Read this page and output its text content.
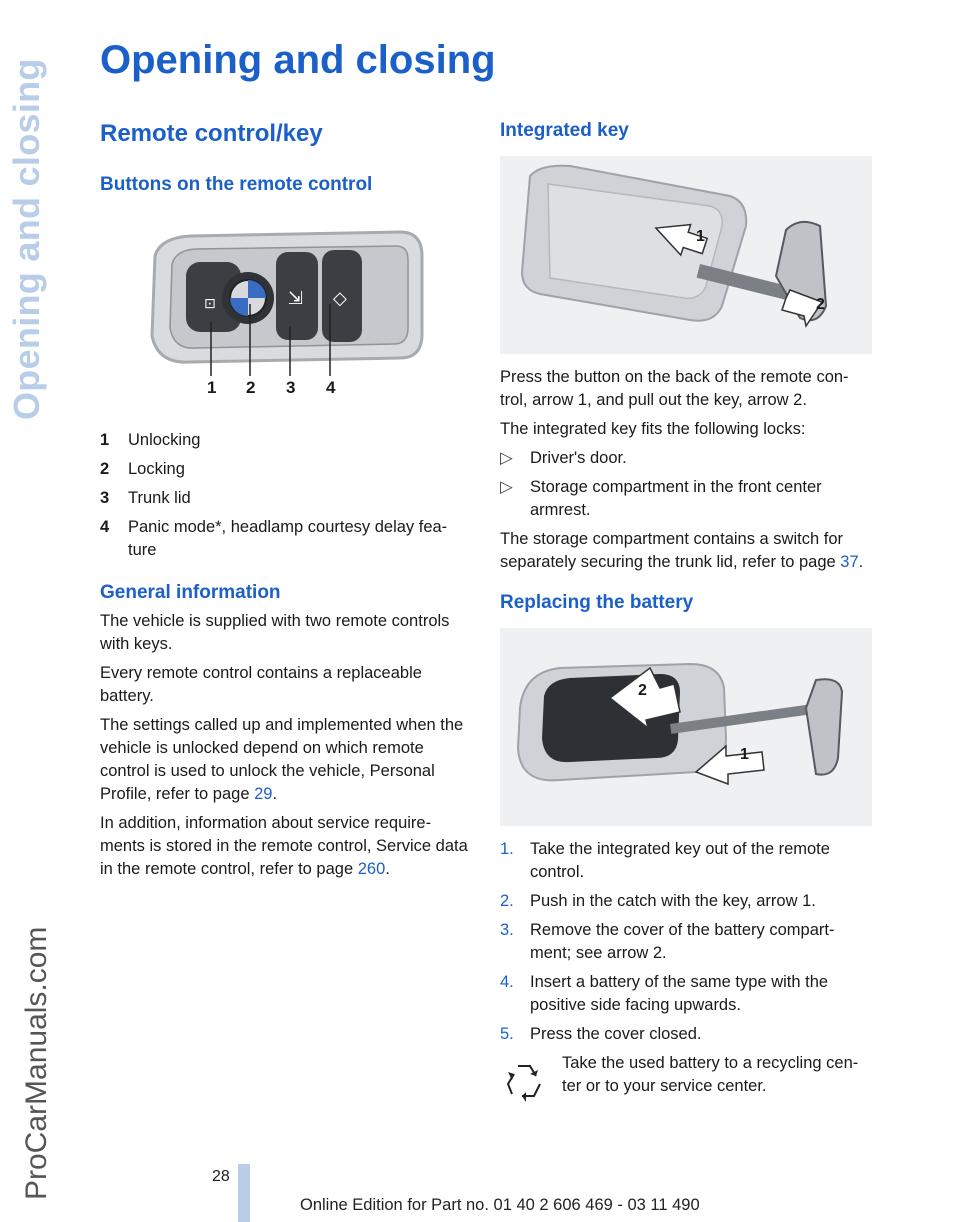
Opening and closing
ProCarManuals.com
Opening and closing
Remote control/key
Buttons on the remote control
⊡	⇲ ◇
1 2 3 4
1	Unlocking
2	Locking
3	Trunk lid
4	Panic mode*, headlamp courtesy delay fea-
ture
General information

The vehicle is supplied with two remote controls with keys.

Every remote control contains a replaceable battery.

The settings called up and implemented when the vehicle is unlocked depend on which remote control is used to unlock the vehicle, Personal Profile, refer to page 29.

In addition, information about service require-ments is stored in the remote control, Service data in the remote control, refer to page 260.

Integrated key
1
2

Press the button on the back of the remote con-trol, arrow 1, and pull out the key, arrow 2.

The integrated key fits the following locks:

▷	Driver's door.
▷	Storage compartment in the front center armrest.

The storage compartment contains a switch for separately securing the trunk lid, refer to page 37.

Replacing the battery
2
1
1. Take the integrated key out of the remote control.
2. Push in the catch with the key, arrow 1.
3. Remove the cover of the battery compart-ment; see arrow 2.
4. Insert a battery of the same type with the positive side facing upwards.
5. Press the cover closed.

Take the used battery to a recycling cen-ter or to your service center.

28
Online Edition for Part no. 01 40 2 606 469 - 03 11 490
